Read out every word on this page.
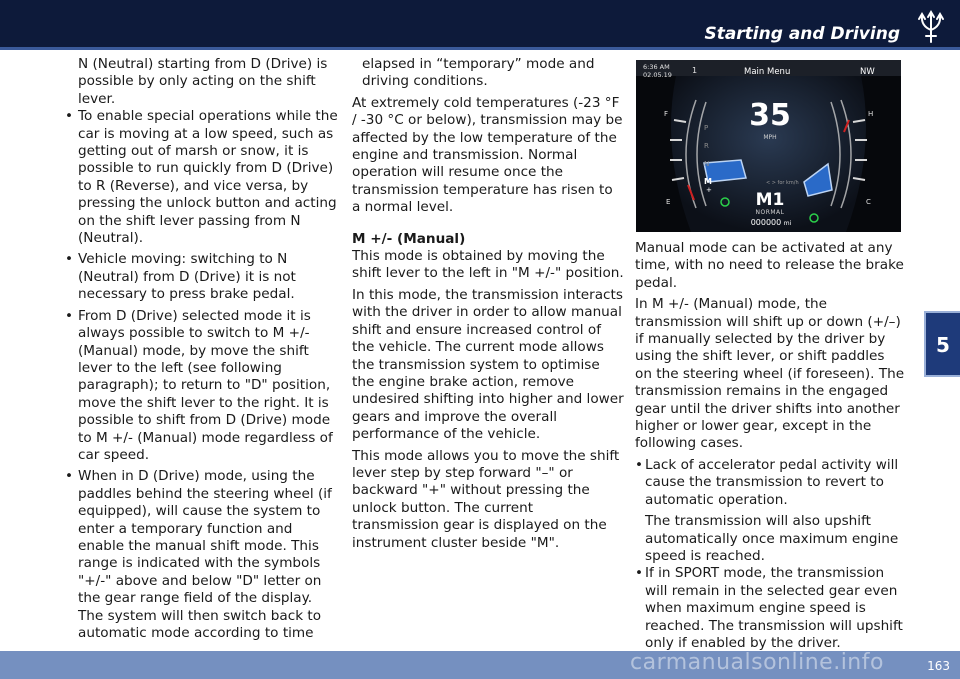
Starting and Driving

N (Neutral) starting from D (Drive) is possible by only acting on the shift lever.

• To enable special operations while the car is moving at a low speed, such as getting out of marsh or snow, it is possible to run quickly from D (Drive) to R (Reverse), and vice versa, by pressing the unlock button and acting on the shift lever passing from N (Neutral).

• Vehicle moving: switching to N (Neutral) from D (Drive) it is not necessary to press brake pedal.

• From D (Drive) selected mode it is always possible to switch to M +/- (Manual) mode, by move the shift lever to the left (see following paragraph); to return to "D" position, move the shift lever to the right. It is possible to shift from D (Drive) mode to M +/- (Manual) mode regardless of car speed.

• When in D (Drive) mode, using the paddles behind the steering wheel (if equipped), will cause the system to enter a temporary function and enable the manual shift mode. This range is indicated with the symbols "+/-" above and below "D" letter on the gear range field of the display. The system will then switch back to automatic mode according to time

elapsed in “temporary” mode and driving conditions.

At extremely cold temperatures (-23 °F / -30 °C or below), transmission may be affected by the low temperature of the engine and transmission. Normal operation will resume once the transmission temperature has risen to a normal level.

M +/- (Manual)

This mode is obtained by moving the shift lever to the left in "M +/-" position.

In this mode, the transmission interacts with the driver in order to allow manual shift and ensure increased control of the vehicle. The current mode allows the transmission system to optimise the engine brake action, remove undesired shifting into higher and lower gears and improve the overall performance of the vehicle.

This mode allows you to move the shift lever step by step forward "–" or backward "+" without pressing the unlock button. The current transmission gear is displayed on the instrument cluster beside "M".

6:36 AM
02.05.19	1	Main Menu	NW
35
MPH
F
E
H
C
P
R
N
M
+
< > for km/h
M1
NORMAL
000000 mi

Manual mode can be activated at any time, with no need to release the brake pedal.

In M +/- (Manual) mode, the transmission will shift up or down (+/–) if manually selected by the driver by using the shift lever, or shift paddles on the steering wheel (if foreseen). The transmission remains in the engaged gear until the driver shifts into another higher or lower gear, except in the following cases.

• Lack of accelerator pedal activity will cause the transmission to revert to automatic operation.

The transmission will also upshift automatically once maximum engine speed is reached.

• If in SPORT mode, the transmission will remain in the selected gear even when maximum engine speed is reached. The transmission will upshift only if enabled by the driver.

5
163
carmanualsonline.info
